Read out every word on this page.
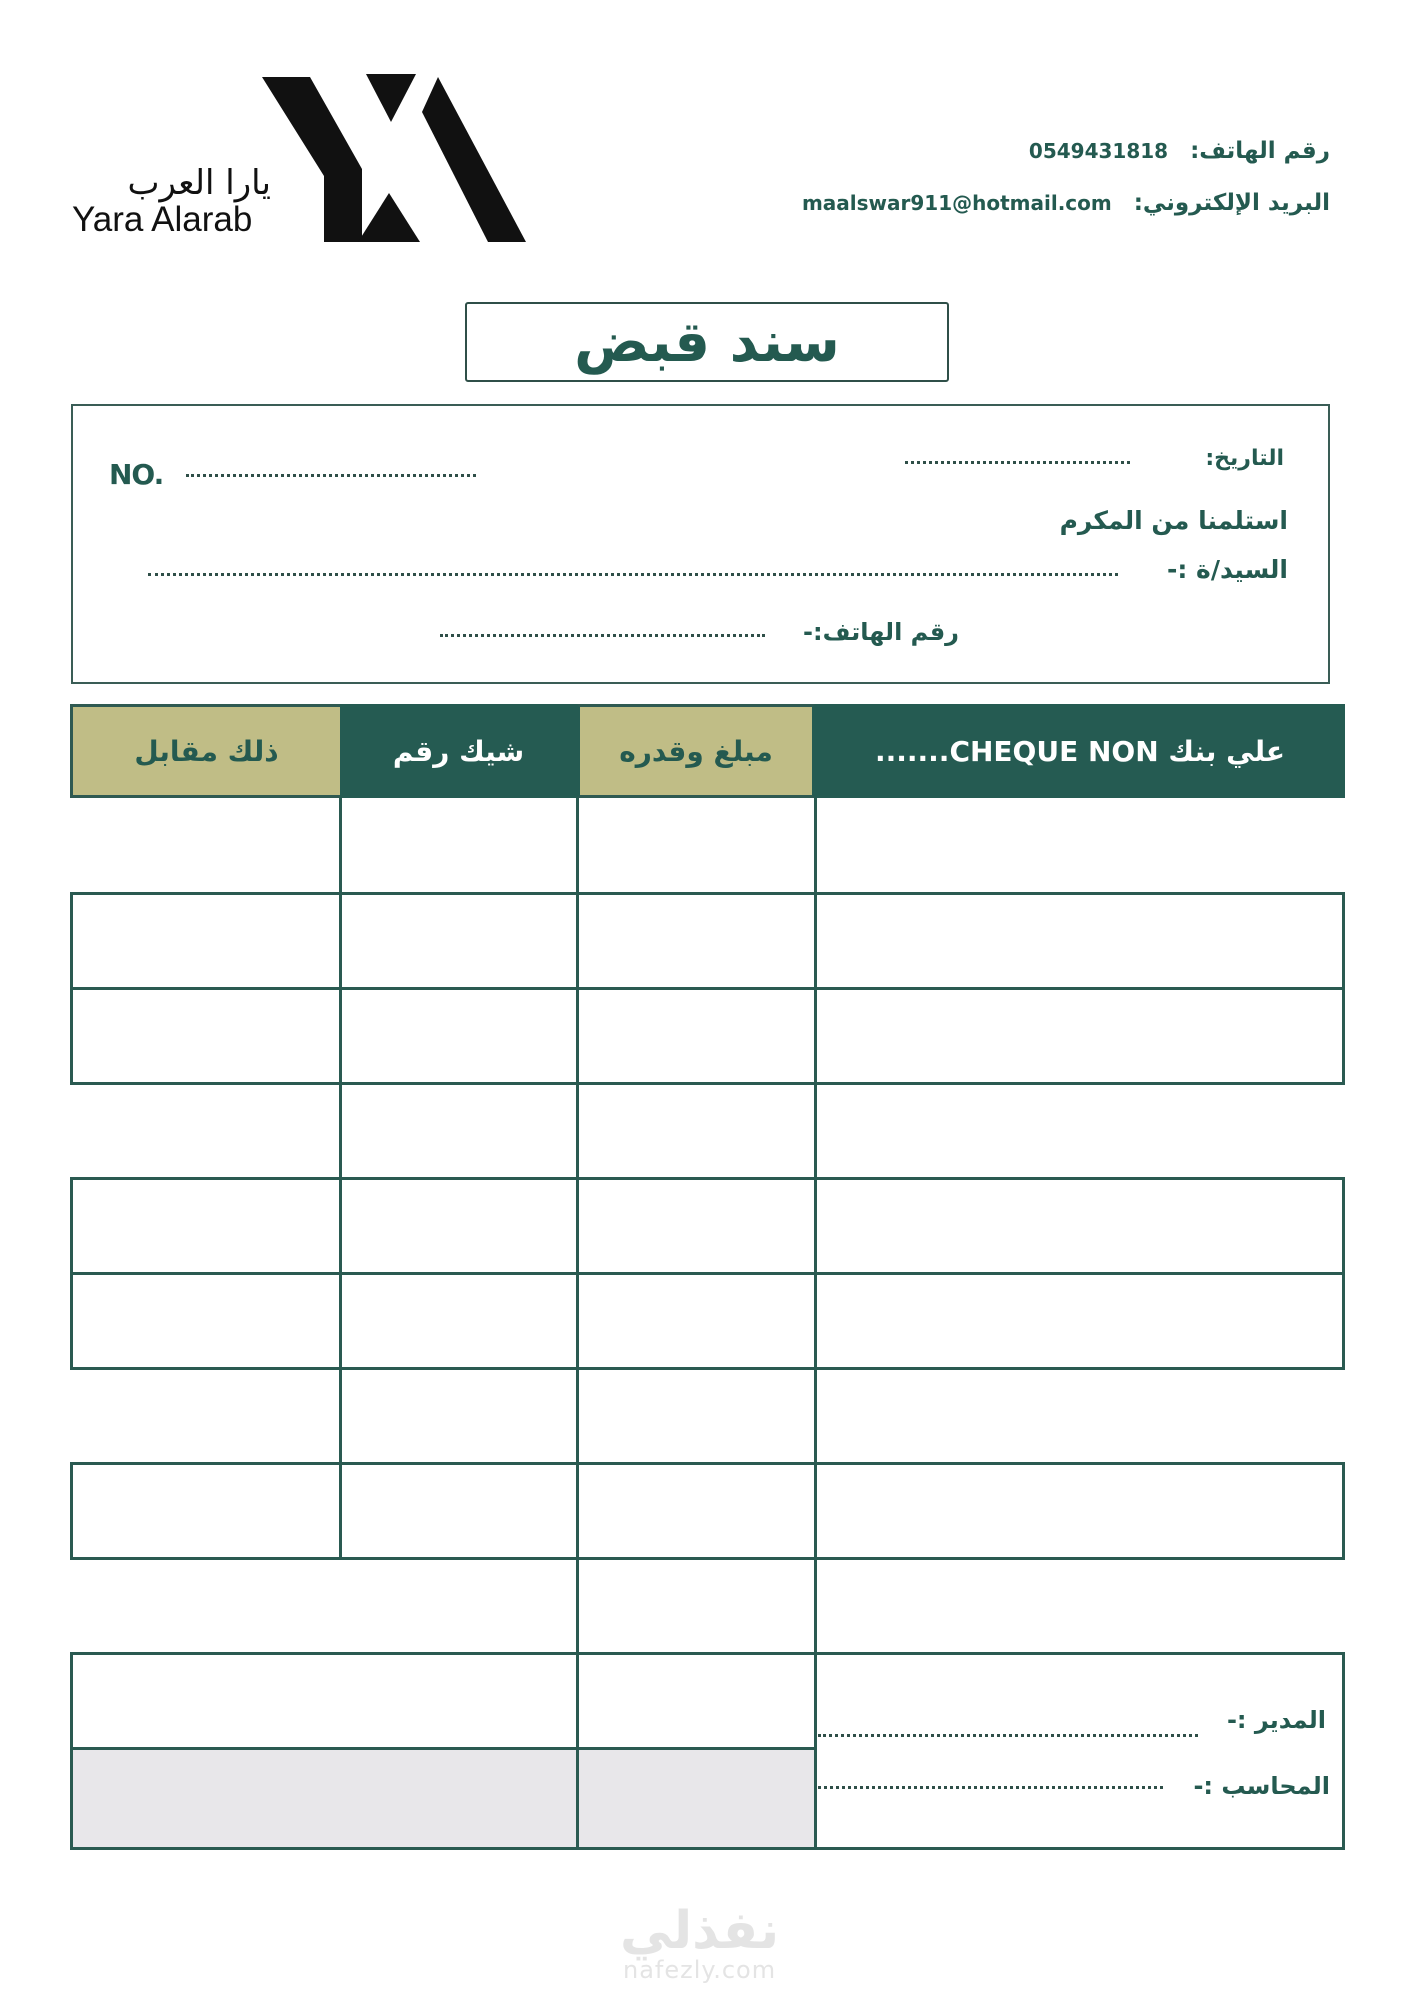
يارا العرب
Yara Alarab
رقم الهاتف:
0549431818
البريد الإلكتروني:
maalswar911@hotmail.com
سند قبض
NO.	التاريخ:
استلمنا من المكرم
السيد/ة :-
رقم الهاتف:-
ذلك مقابل	شيك رقم	مبلغ وقدره	علي بنك CHEQUE NON.......
المدير :-
المحاسب :-
نفذلي
nafezly.com
